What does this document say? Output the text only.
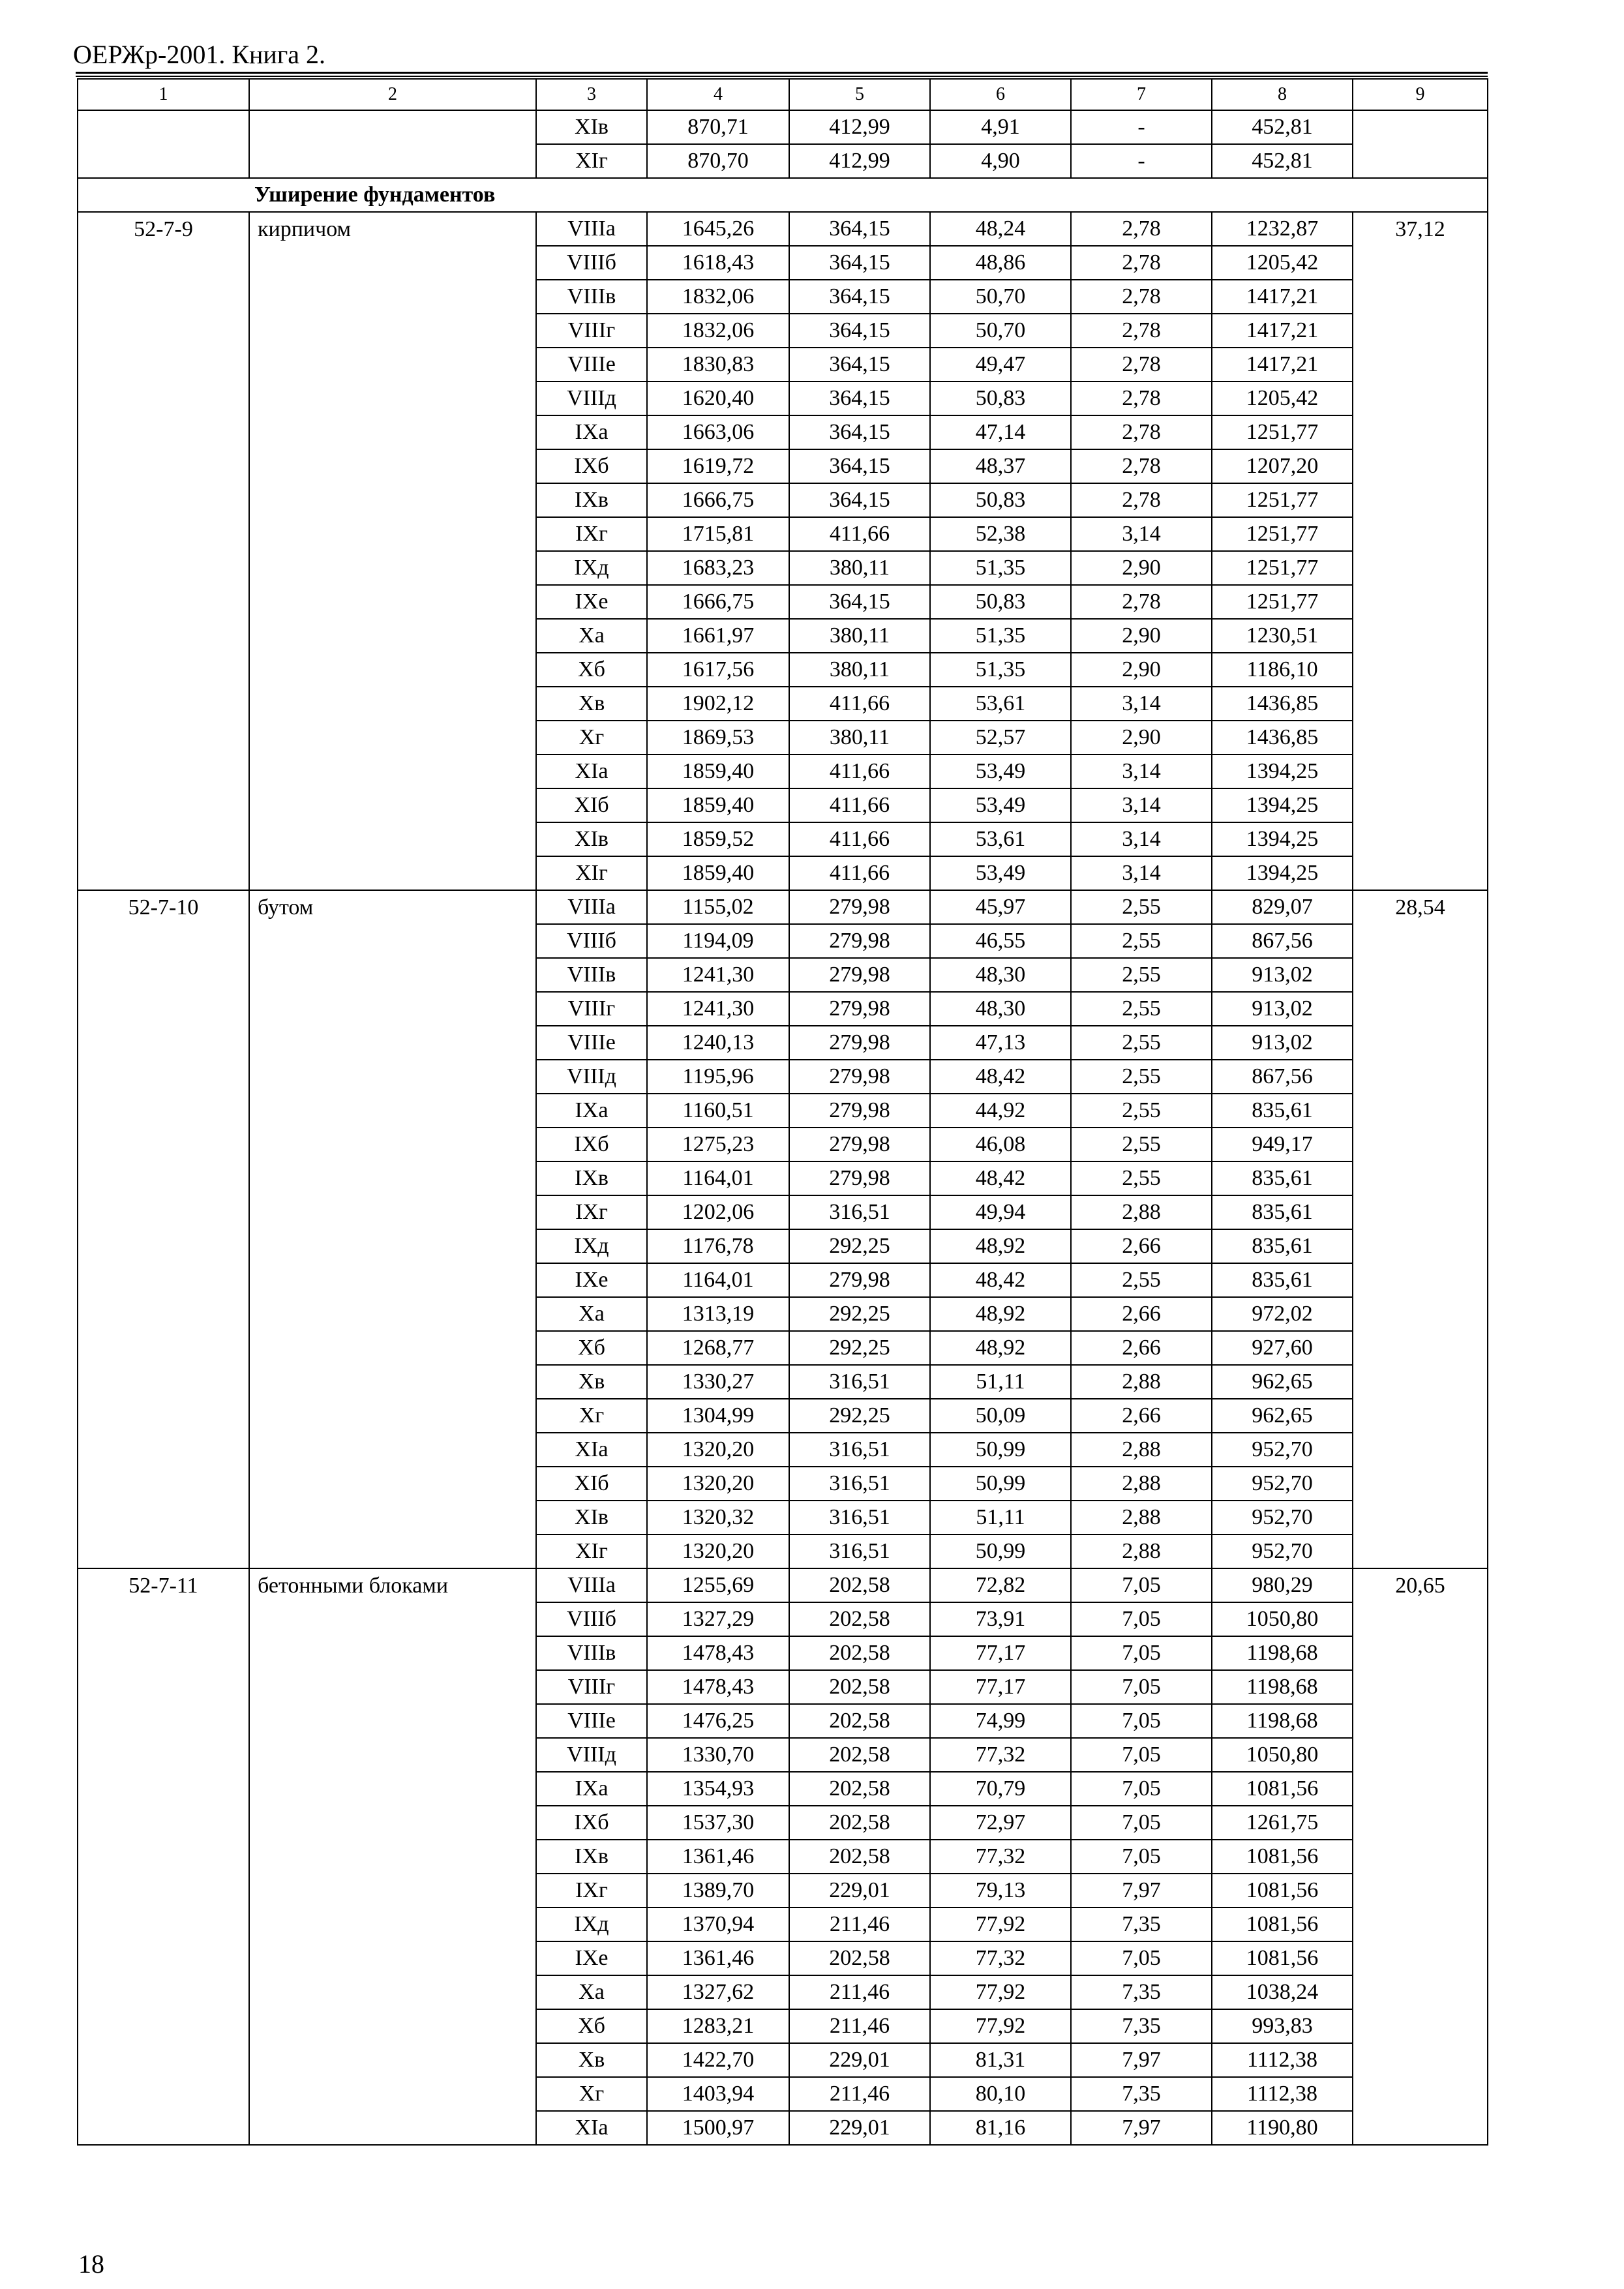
ОЕРЖр-2001. Книга 2.
1	2	3	4	5	6	7	8	9
		XIв	870,71	412,99	4,91	-	452,81	
		XIг	870,70	412,99	4,90	-	452,81	
Уширение фундаментов								
52-7-9	кирпичом	VIIIа	1645,26	364,15	48,24	2,78	1232,87	37,12
		VIIIб	1618,43	364,15	48,86	2,78	1205,42	
		VIIIв	1832,06	364,15	50,70	2,78	1417,21	
		VIIIг	1832,06	364,15	50,70	2,78	1417,21	
		VIIIе	1830,83	364,15	49,47	2,78	1417,21	
		VIIIд	1620,40	364,15	50,83	2,78	1205,42	
		IXа	1663,06	364,15	47,14	2,78	1251,77	
		IXб	1619,72	364,15	48,37	2,78	1207,20	
		IXв	1666,75	364,15	50,83	2,78	1251,77	
		IXг	1715,81	411,66	52,38	3,14	1251,77	
		IXд	1683,23	380,11	51,35	2,90	1251,77	
		IXе	1666,75	364,15	50,83	2,78	1251,77	
		Xа	1661,97	380,11	51,35	2,90	1230,51	
		Xб	1617,56	380,11	51,35	2,90	1186,10	
		Xв	1902,12	411,66	53,61	3,14	1436,85	
		Xг	1869,53	380,11	52,57	2,90	1436,85	
		XIа	1859,40	411,66	53,49	3,14	1394,25	
		XIб	1859,40	411,66	53,49	3,14	1394,25	
		XIв	1859,52	411,66	53,61	3,14	1394,25	
		XIг	1859,40	411,66	53,49	3,14	1394,25	
52-7-10	бутом	VIIIа	1155,02	279,98	45,97	2,55	829,07	28,54
		VIIIб	1194,09	279,98	46,55	2,55	867,56	
		VIIIв	1241,30	279,98	48,30	2,55	913,02	
		VIIIг	1241,30	279,98	48,30	2,55	913,02	
		VIIIе	1240,13	279,98	47,13	2,55	913,02	
		VIIIд	1195,96	279,98	48,42	2,55	867,56	
		IXа	1160,51	279,98	44,92	2,55	835,61	
		IXб	1275,23	279,98	46,08	2,55	949,17	
		IXв	1164,01	279,98	48,42	2,55	835,61	
		IXг	1202,06	316,51	49,94	2,88	835,61	
		IXд	1176,78	292,25	48,92	2,66	835,61	
		IXе	1164,01	279,98	48,42	2,55	835,61	
		Xа	1313,19	292,25	48,92	2,66	972,02	
		Xб	1268,77	292,25	48,92	2,66	927,60	
		Xв	1330,27	316,51	51,11	2,88	962,65	
		Xг	1304,99	292,25	50,09	2,66	962,65	
		XIа	1320,20	316,51	50,99	2,88	952,70	
		XIб	1320,20	316,51	50,99	2,88	952,70	
		XIв	1320,32	316,51	51,11	2,88	952,70	
		XIг	1320,20	316,51	50,99	2,88	952,70	
52-7-11	бетонными блоками	VIIIа	1255,69	202,58	72,82	7,05	980,29	20,65
		VIIIб	1327,29	202,58	73,91	7,05	1050,80	
		VIIIв	1478,43	202,58	77,17	7,05	1198,68	
		VIIIг	1478,43	202,58	77,17	7,05	1198,68	
		VIIIе	1476,25	202,58	74,99	7,05	1198,68	
		VIIIд	1330,70	202,58	77,32	7,05	1050,80	
		IXа	1354,93	202,58	70,79	7,05	1081,56	
		IXб	1537,30	202,58	72,97	7,05	1261,75	
		IXв	1361,46	202,58	77,32	7,05	1081,56	
		IXг	1389,70	229,01	79,13	7,97	1081,56	
		IXд	1370,94	211,46	77,92	7,35	1081,56	
		IXе	1361,46	202,58	77,32	7,05	1081,56	
		Xа	1327,62	211,46	77,92	7,35	1038,24	
		Xб	1283,21	211,46	77,92	7,35	993,83	
		Xв	1422,70	229,01	81,31	7,97	1112,38	
		Xг	1403,94	211,46	80,10	7,35	1112,38	
		XIа	1500,97	229,01	81,16	7,97	1190,80	
18
